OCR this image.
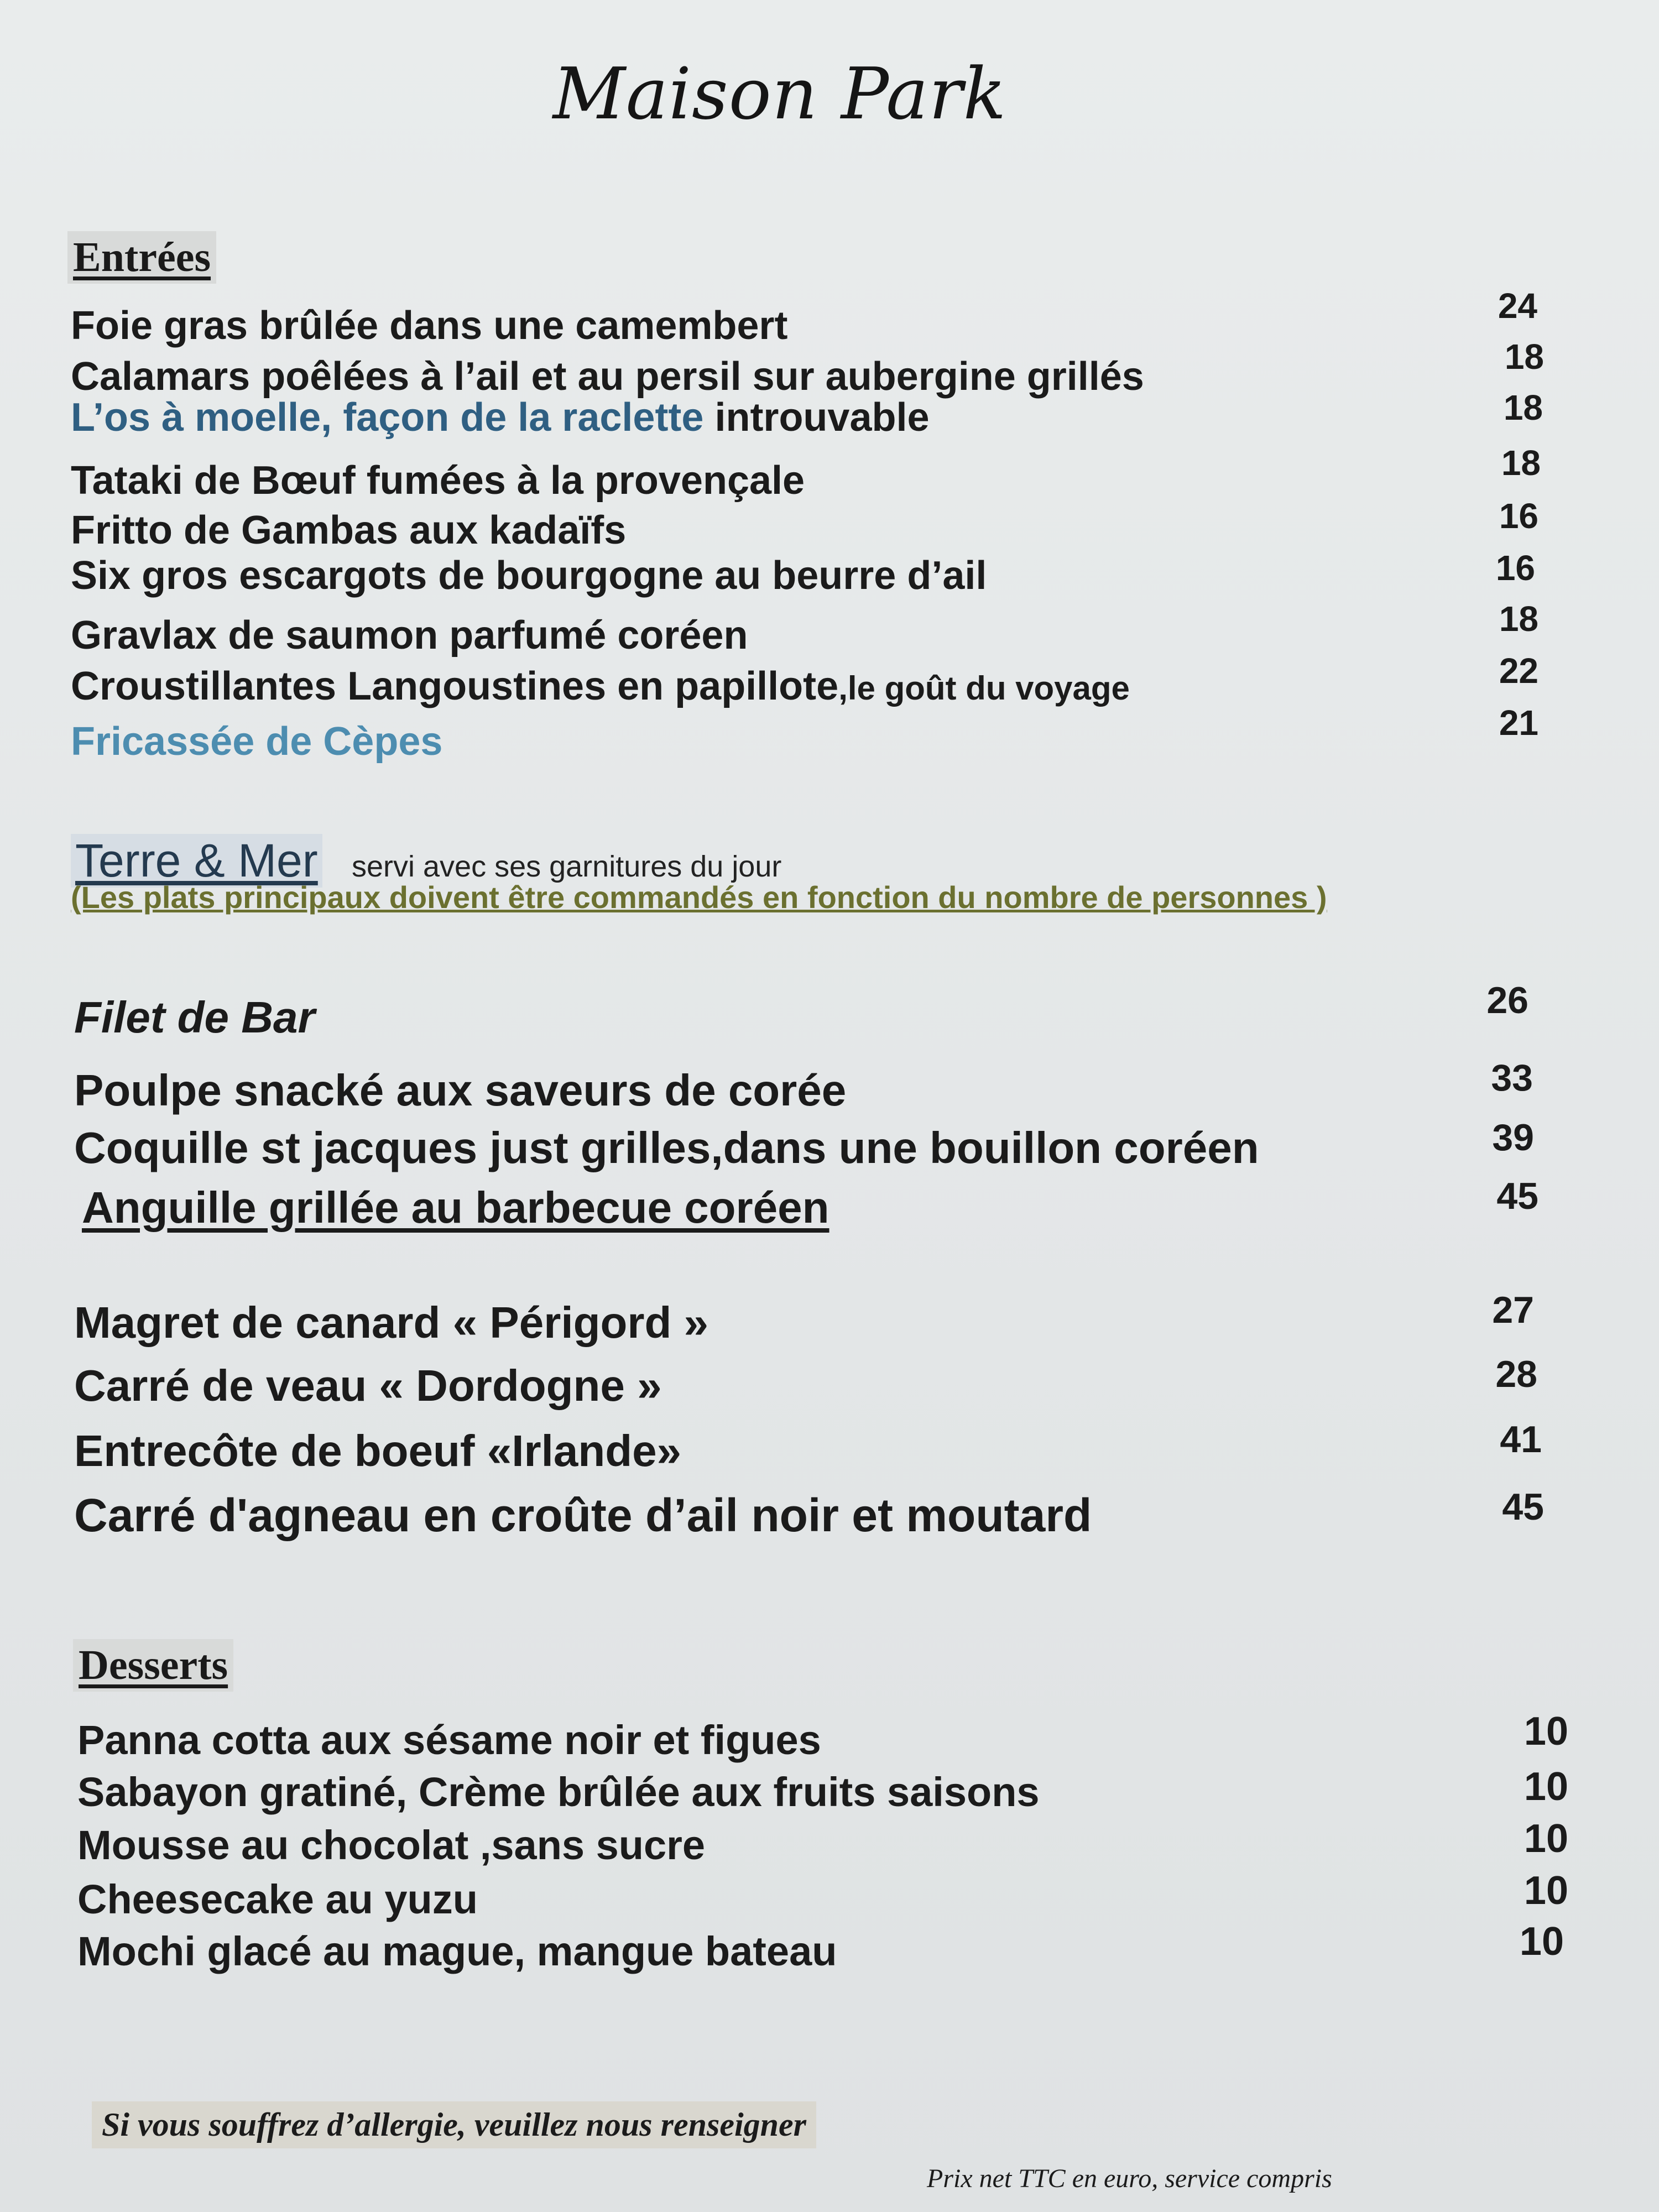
Maison Park
Entrées
Foie gras brûlée dans une camembert	24
Calamars poêlées à l’ail et au persil sur aubergine grillés	18
L’os à moelle, façon de la raclette introuvable	18
Tataki de Bœuf fumées à la provençale	18
Fritto de Gambas aux kadaïfs	16
Six gros escargots de bourgogne au beurre d’ail	16
Gravlax de saumon parfumé coréen	18
Croustillantes Langoustines en papillote,le goût du voyage	22
Fricassée de Cèpes	21
Terre & Mer servi avec ses garnitures du jour
(Les plats principaux doivent être commandés en fonction du nombre de personnes )
Filet de Bar	26
Poulpe snacké aux saveurs de corée	33
Coquille st jacques just grilles,dans une bouillon coréen	39
Anguille grillée au barbecue coréen	45
Magret de canard « Périgord »	27
Carré de veau « Dordogne »	28
Entrecôte de boeuf «Irlande»	41
Carré d'agneau en croûte d’ail noir et moutard	45
Desserts
Panna cotta aux sésame noir et figues	10
Sabayon gratiné, Crème brûlée aux fruits saisons	10
Mousse au chocolat ,sans sucre	10
Cheesecake au yuzu	10
Mochi glacé au mague, mangue bateau	10
Si vous souffrez d’allergie, veuillez nous renseigner
Prix net TTC en euro, service compris
